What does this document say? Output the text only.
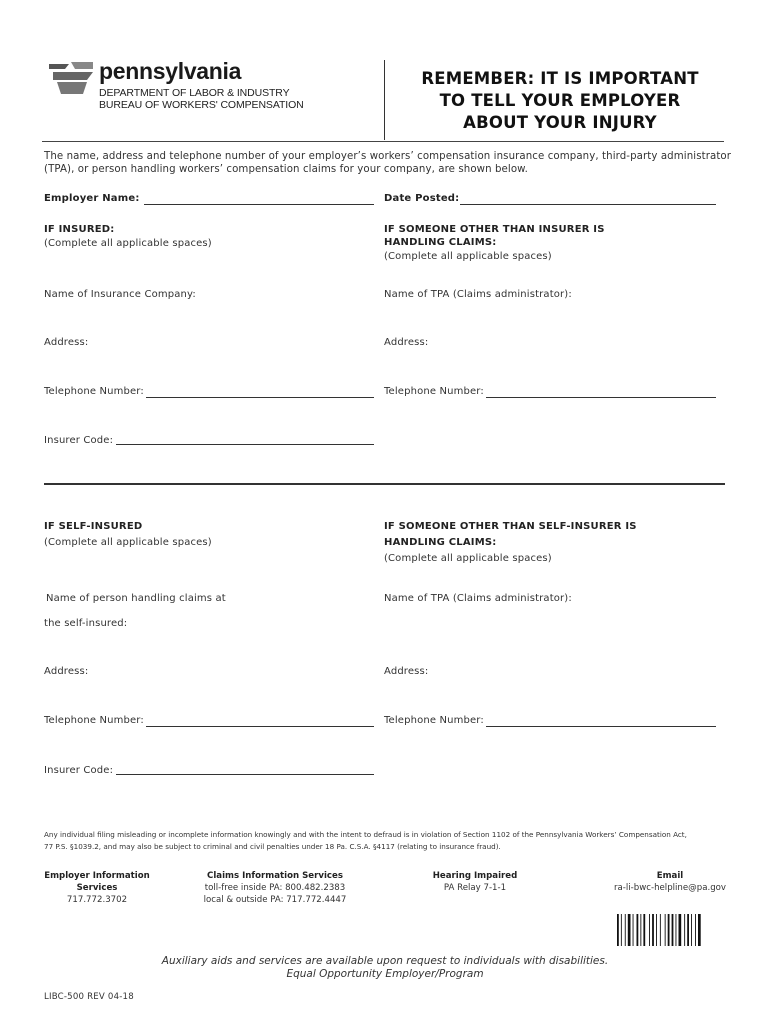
pennsylvania
DEPARTMENT OF LABOR & INDUSTRY
BUREAU OF WORKERS' COMPENSATION
REMEMBER: IT IS IMPORTANT
TO TELL YOUR EMPLOYER
ABOUT YOUR INJURY
The name, address and telephone number of your employer’s workers’ compensation insurance company, third-party administrator
(TPA), or person handling workers’ compensation claims for your company, are shown below.
Employer Name:	Date Posted:
IF INSURED:
(Complete all applicable spaces)
Name of Insurance Company:
Address:
Telephone Number:
Insurer Code:
IF SOMEONE OTHER THAN INSURER IS
HANDLING CLAIMS:
(Complete all applicable spaces)
Name of TPA (Claims administrator):
Address:
Telephone Number:
IF SELF-INSURED
(Complete all applicable spaces)
Name of person handling claims at
the self-insured:
Address:
Telephone Number:
Insurer Code:
IF SOMEONE OTHER THAN SELF-INSURER IS
HANDLING CLAIMS:
(Complete all applicable spaces)
Name of TPA (Claims administrator):
Address:
Telephone Number:
Any individual filing misleading or incomplete information knowingly and with the intent to defraud is in violation of Section 1102 of the Pennsylvania Workers’ Compensation Act,
77 P.S. §1039.2, and may also be subject to criminal and civil penalties under 18 Pa. C.S.A. §4117 (relating to insurance fraud).
Employer Information
Services
717.772.3702
Claims Information Services
toll-free inside PA: 800.482.2383
local & outside PA: 717.772.4447
Hearing Impaired
PA Relay 7-1-1
Email
ra-li-bwc-helpline@pa.gov
Auxiliary aids and services are available upon request to individuals with disabilities.
Equal Opportunity Employer/Program
LIBC-500 REV 04-18
